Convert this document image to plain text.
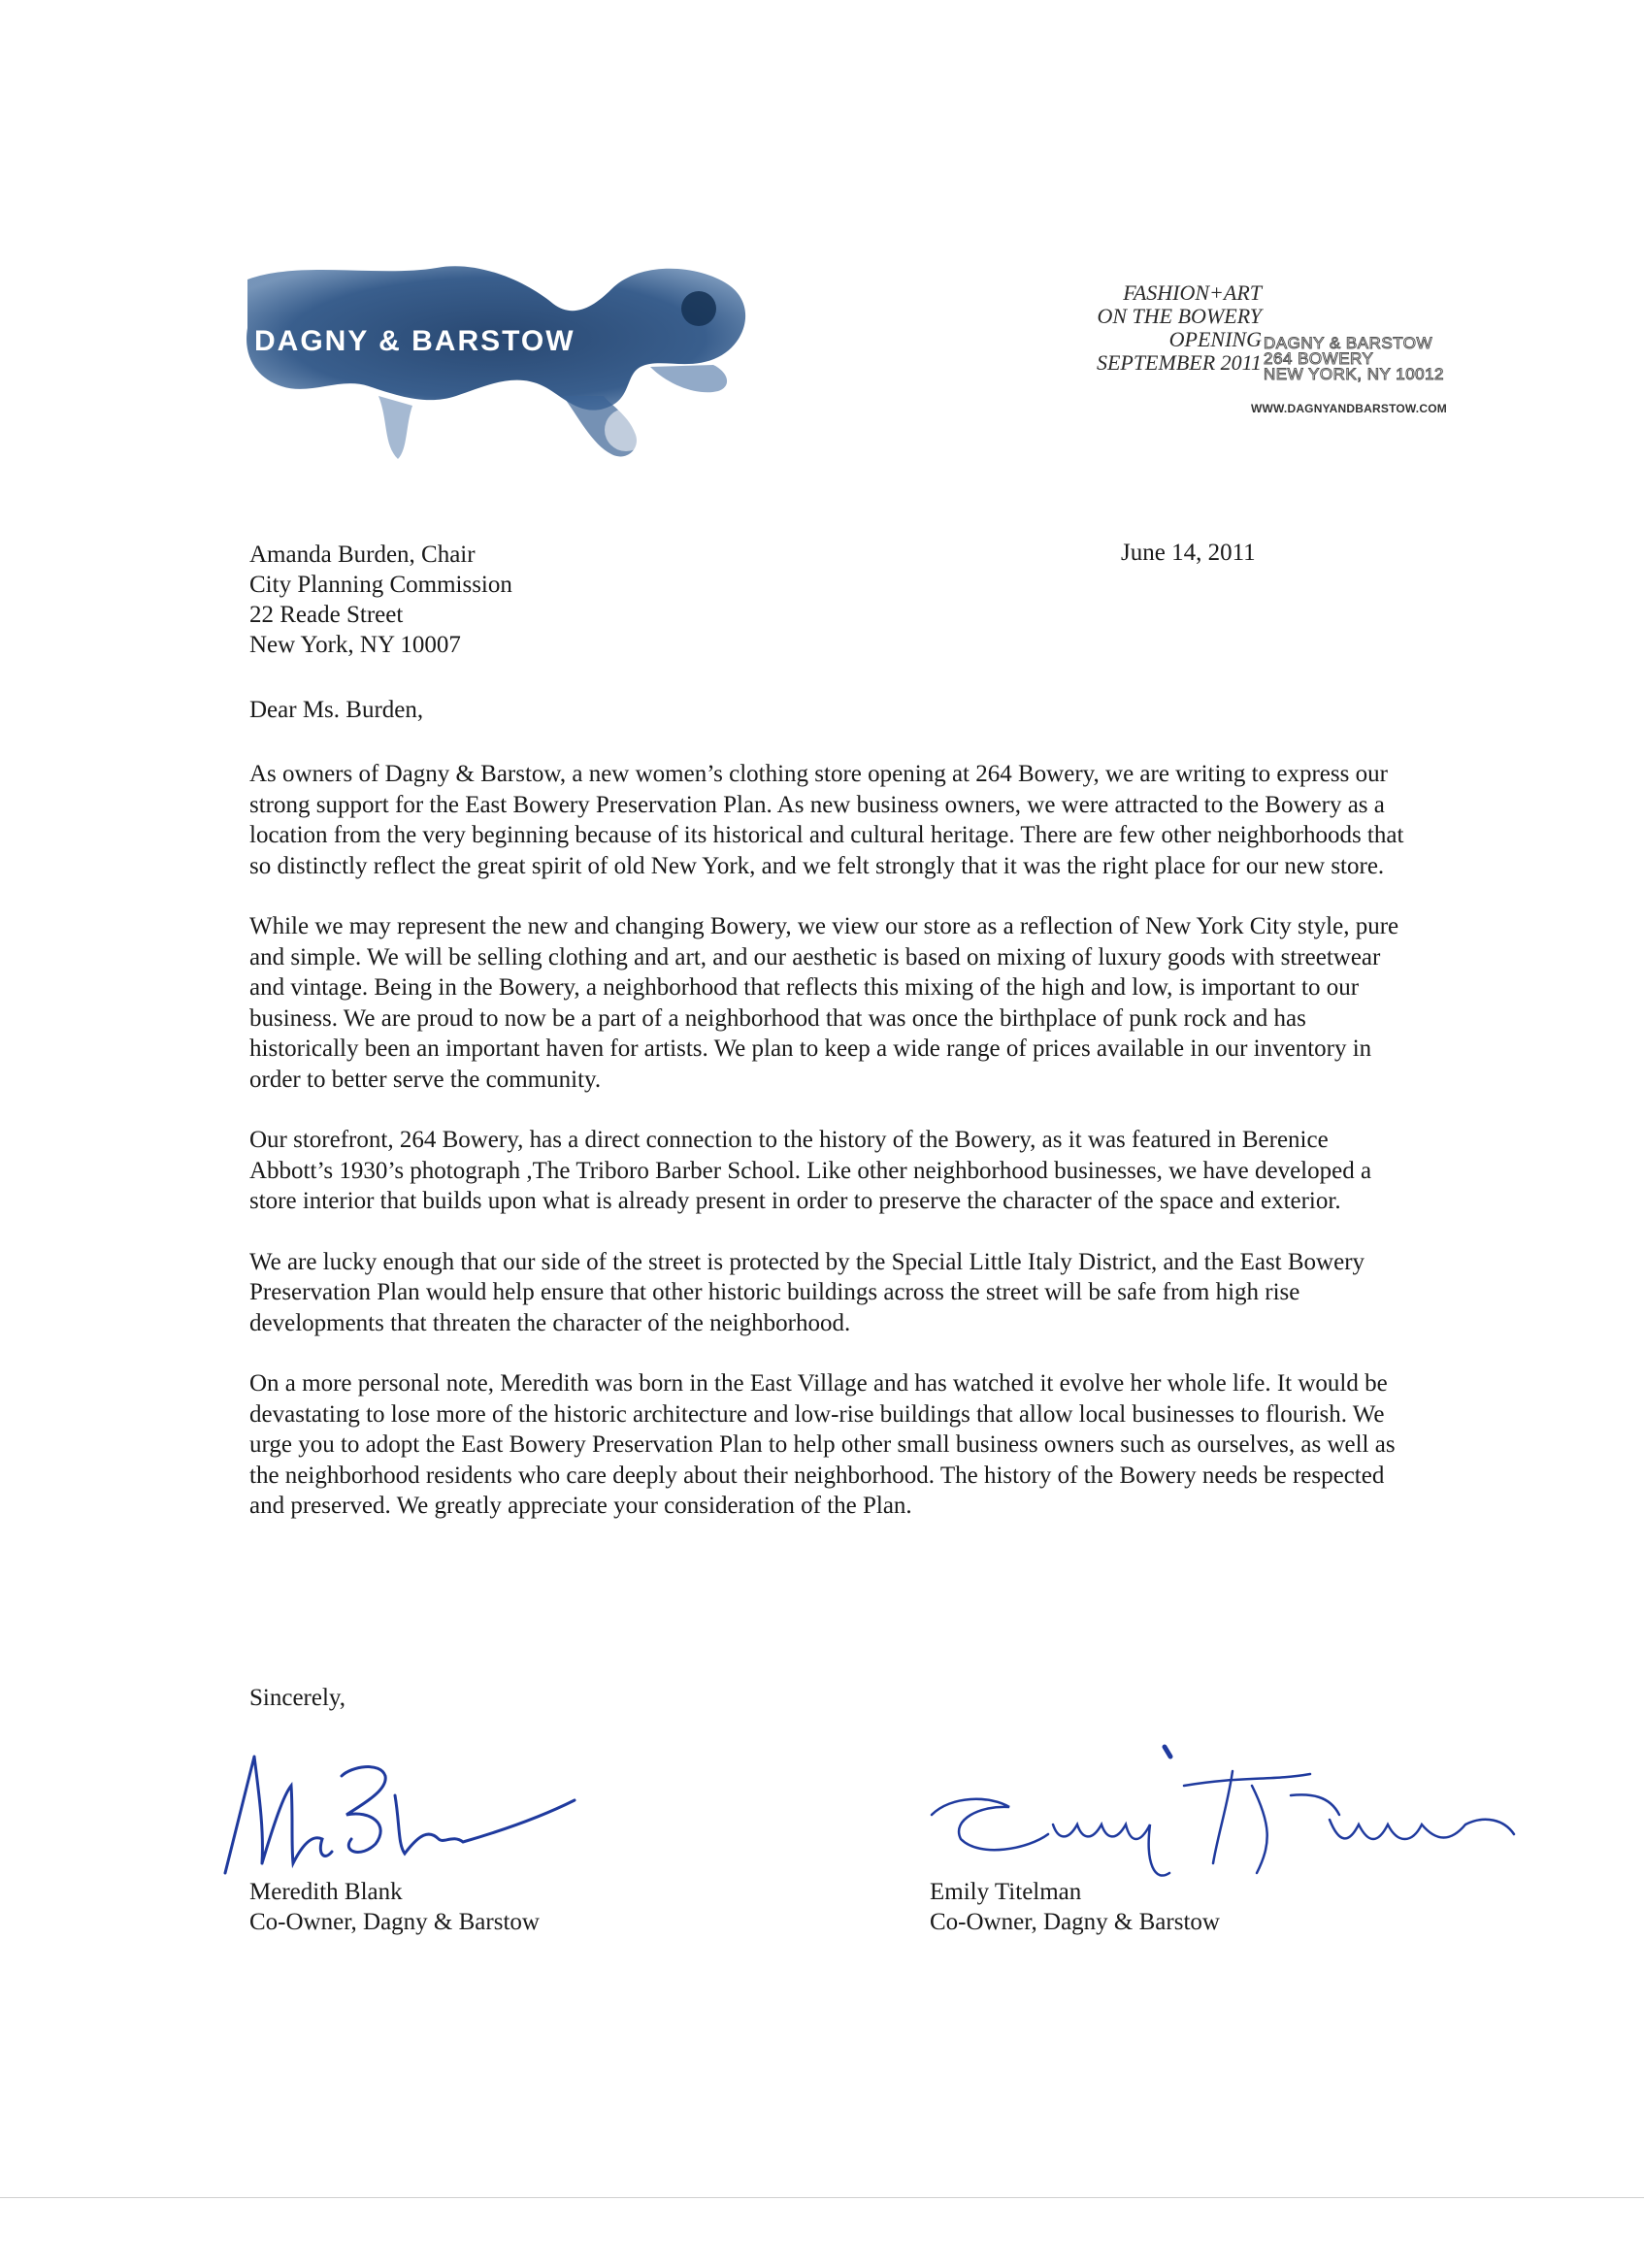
DAGNY & BARSTOW
FASHION+ART
ON THE BOWERY
OPENING
SEPTEMBER 2011
DAGNY & BARSTOW
264 BOWERY
NEW YORK, NY 10012
WWW.DAGNYANDBARSTOW.COM
Amanda Burden, Chair
City Planning Commission
22 Reade Street
New York, NY 10007
June 14, 2011
Dear Ms. Burden,

As owners of Dagny & Barstow, a new women’s clothing store opening at 264 Bowery, we are writing to express our strong support for the East Bowery Preservation Plan. As new business owners, we were attracted to the Bowery as a location from the very beginning because of its historical and cultural heritage. There are few other neighborhoods that so distinctly reflect the great spirit of old New York, and we felt strongly that it was the right place for our new store.

While we may represent the new and changing Bowery, we view our store as a reflection of New York City style, pure and simple. We will be selling clothing and art, and our aesthetic is based on mixing of luxury goods with streetwear and vintage. Being in the Bowery, a neighborhood that reflects this mixing of the high and low, is important to our business. We are proud to now be a part of a neighborhood that was once the birthplace of punk rock and has historically been an important haven for artists. We plan to keep a wide range of prices available in our inventory in order to better serve the community.

Our storefront, 264 Bowery, has a direct connection to the history of the Bowery, as it was featured in Berenice Abbott’s 1930’s photograph ,The Triboro Barber School. Like other neighborhood businesses, we have developed a store interior that builds upon what is already present in order to preserve the character of the space and exterior.

We are lucky enough that our side of the street is protected by the Special Little Italy District, and the East Bowery Preservation Plan would help ensure that other historic buildings across the street will be safe from high rise developments that threaten the character of the neighborhood.

On a more personal note, Meredith was born in the East Village and has watched it evolve her whole life. It would be devastating to lose more of the historic architecture and low-rise buildings that allow local businesses to flourish. We urge you to adopt the East Bowery Preservation Plan to help other small business owners such as ourselves, as well as the neighborhood residents who care deeply about their neighborhood. The history of the Bowery needs be respected and preserved. We greatly appreciate your consideration of the Plan.

Sincerely,
Meredith Blank
Co-Owner, Dagny & Barstow
Emily Titelman
Co-Owner, Dagny & Barstow
